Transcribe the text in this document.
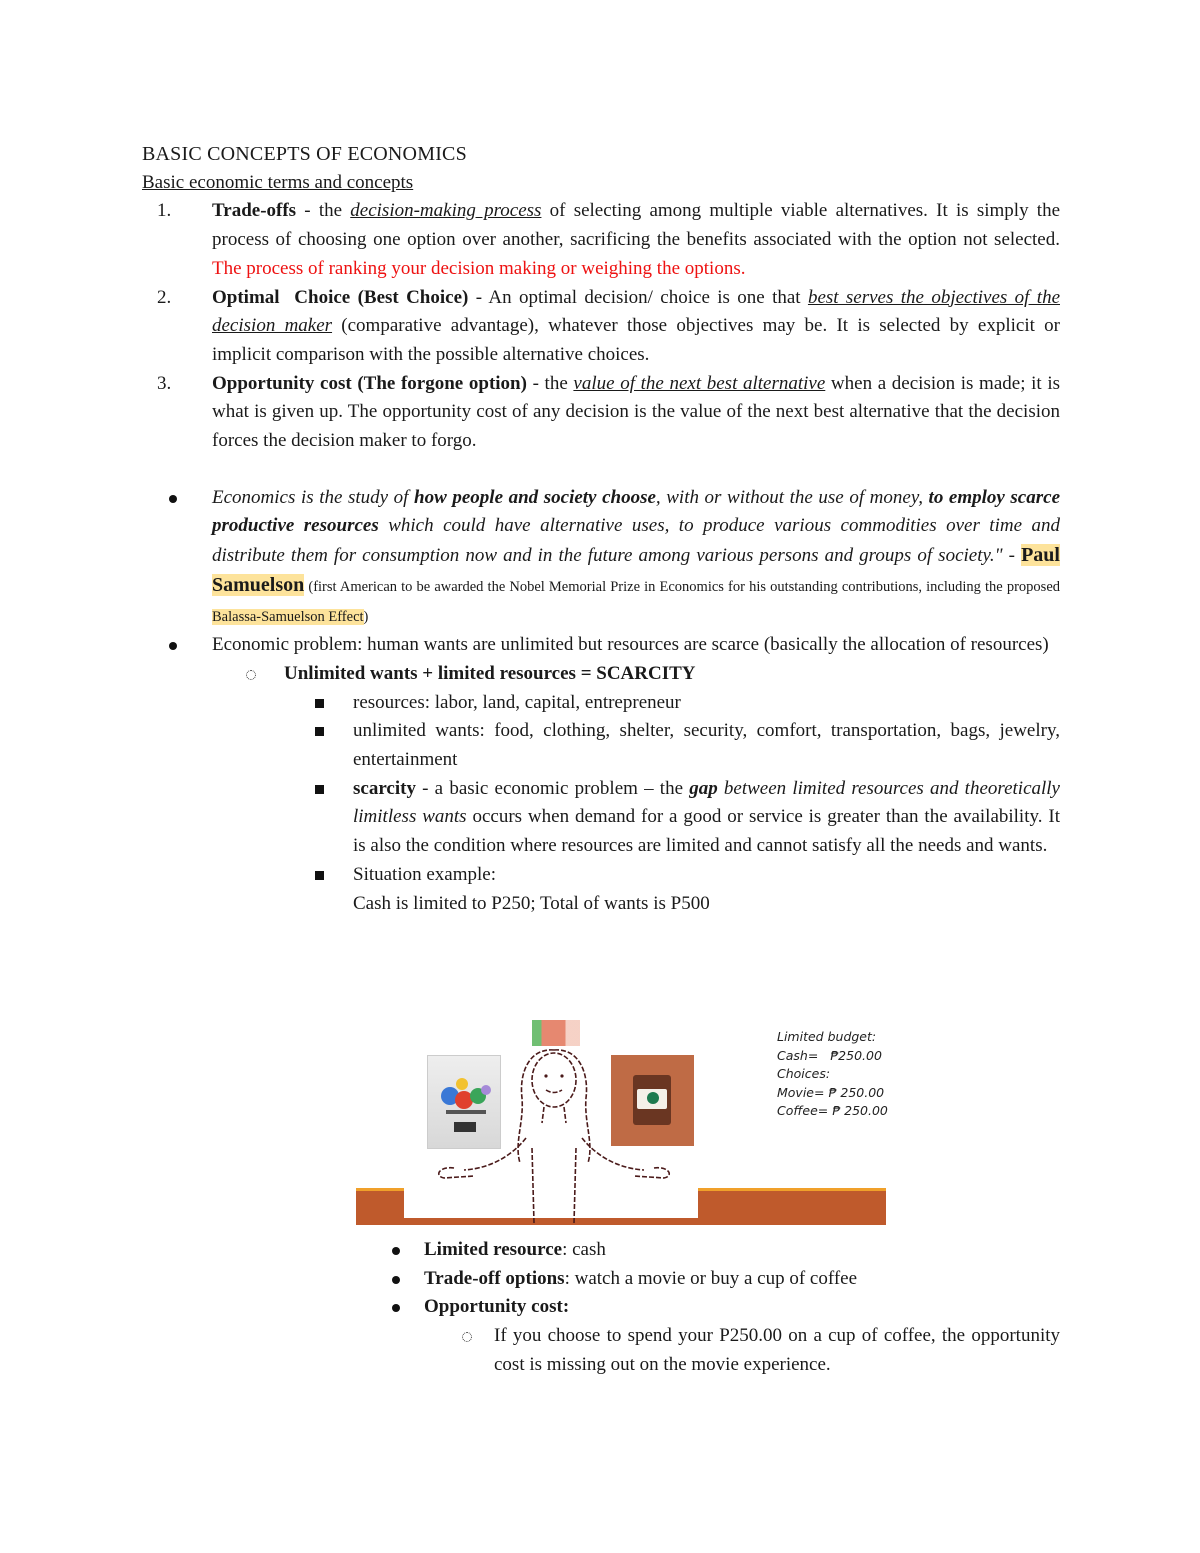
BASIC CONCEPTS OF ECONOMICS
Basic economic terms and concepts
1.	Trade-offs - the decision-making process of selecting among multiple viable alternatives. It is simply the process of choosing one option over another, sacrificing the benefits associated with the option not selected. The process of ranking your decision making or weighing the options.
2.	Optimal  Choice (Best Choice) - An optimal decision/ choice is one that best serves the objectives of the decision maker (comparative advantage), whatever those objectives may be. It is selected by explicit or implicit comparison with the possible alternative choices.
3.	Opportunity cost (The forgone option) - the value of the next best alternative when a decision is made; it is what is given up. The opportunity cost of any decision is the value of the next best alternative that the decision forces the decision maker to forgo.
Economics is the study of how people and society choose, with or without the use of money, to employ scarce productive resources which could have alternative uses, to produce various commodities over time and distribute them for consumption now and in the future among various persons and groups of society." - Paul Samuelson (first American to be awarded the Nobel Memorial Prize in Economics for his outstanding contributions, including the proposed Balassa-Samuelson Effect)
Economic problem: human wants are unlimited but resources are scarce (basically the allocation of resources)
Unlimited wants + limited resources = SCARCITY
resources: labor, land, capital, entrepreneur
unlimited wants: food, clothing, shelter, security, comfort, transportation, bags, jewelry, entertainment
scarcity - a basic economic problem – the gap between limited resources and theoretically limitless wants occurs when demand for a good or service is greater than the availability. It is also the condition where resources are limited and cannot satisfy all the needs and wants.
Situation example:
Cash is limited to P250; Total of wants is P500
Limited budget:
Cash=   ₱250.00
Choices:
Movie= ₱ 250.00
Coffee= ₱ 250.00
Limited resource: cash
Trade-off options: watch a movie or buy a cup of coffee
Opportunity cost:
If you choose to spend your P250.00 on a cup of coffee, the opportunity cost is missing out on the movie experience.
